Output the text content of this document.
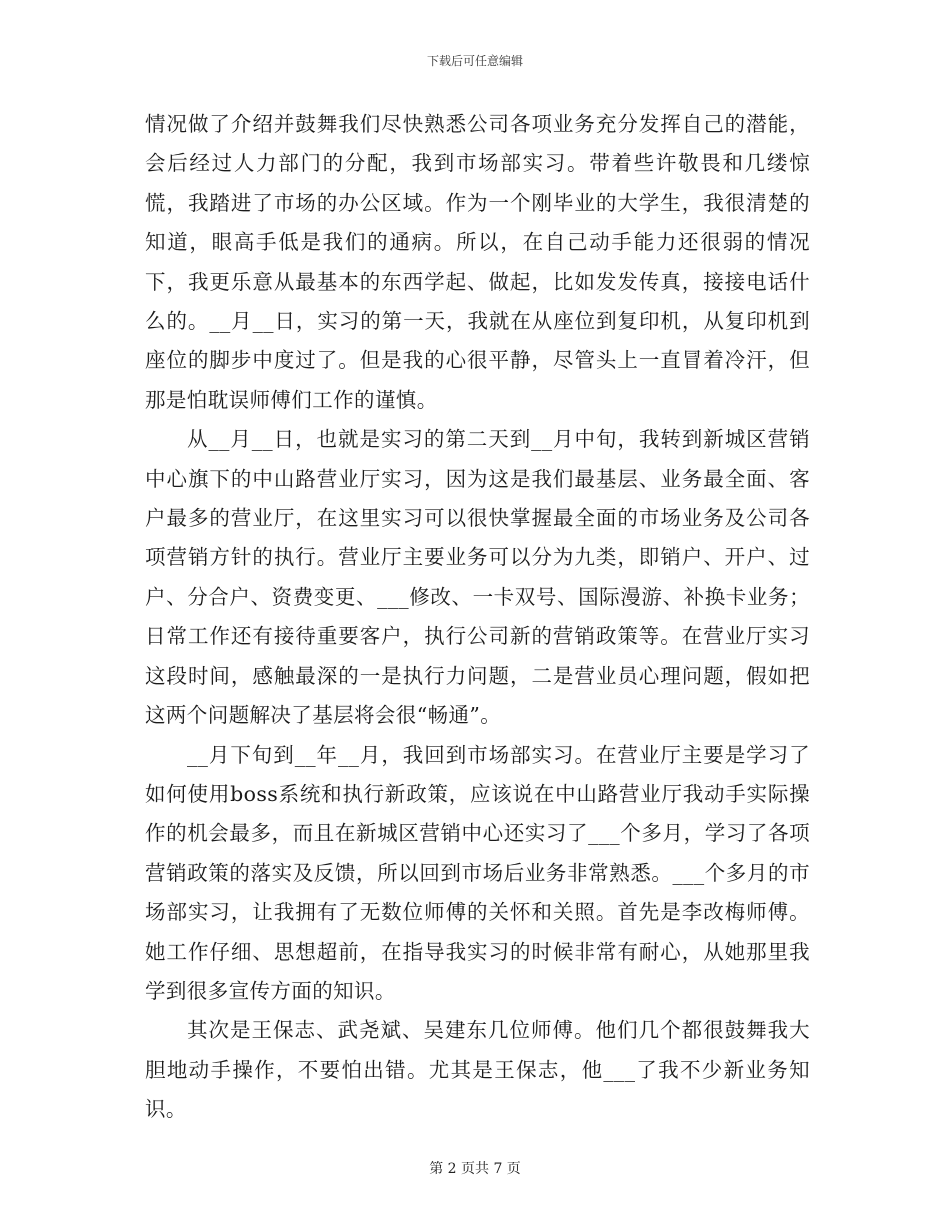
下载后可任意编辑

情况做了介绍并鼓舞我们尽快熟悉公司各项业务充分发挥自己的潜能，会后经过人力部门的分配，我到市场部实习。带着些许敬畏和几缕惊慌，我踏进了市场的办公区域。作为一个刚毕业的大学生，我很清楚的知道，眼高手低是我们的通病。所以，在自己动手能力还很弱的情况下，我更乐意从最基本的东西学起、做起，比如发发传真，接接电话什么的。__月__日，实习的第一天，我就在从座位到复印机，从复印机到座位的脚步中度过了。但是我的心很平静，尽管头上一直冒着冷汗，但那是怕耽误师傅们工作的谨慎。

从__月__日，也就是实习的第二天到__月中旬，我转到新城区营销中心旗下的中山路营业厅实习，因为这是我们最基层、业务最全面、客户最多的营业厅，在这里实习可以很快掌握最全面的市场业务及公司各项营销方针的执行。营业厅主要业务可以分为九类，即销户、开户、过户、分合户、资费变更、___修改、一卡双号、国际漫游、补换卡业务；日常工作还有接待重要客户，执行公司新的营销政策等。在营业厅实习这段时间，感触最深的一是执行力问题，二是营业员心理问题，假如把这两个问题解决了基层将会很“畅通”。

__月下旬到__年__月，我回到市场部实习。在营业厅主要是学习了如何使用boss系统和执行新政策，应该说在中山路营业厅我动手实际操作的机会最多，而且在新城区营销中心还实习了___个多月，学习了各项营销政策的落实及反馈，所以回到市场后业务非常熟悉。___个多月的市场部实习，让我拥有了无数位师傅的关怀和关照。首先是李改梅师傅。她工作仔细、思想超前，在指导我实习的时候非常有耐心，从她那里我学到很多宣传方面的知识。

其次是王保志、武尧斌、吴建东几位师傅。他们几个都很鼓舞我大胆地动手操作，不要怕出错。尤其是王保志，他___了我不少新业务知识。

第 2 页共 7 页
